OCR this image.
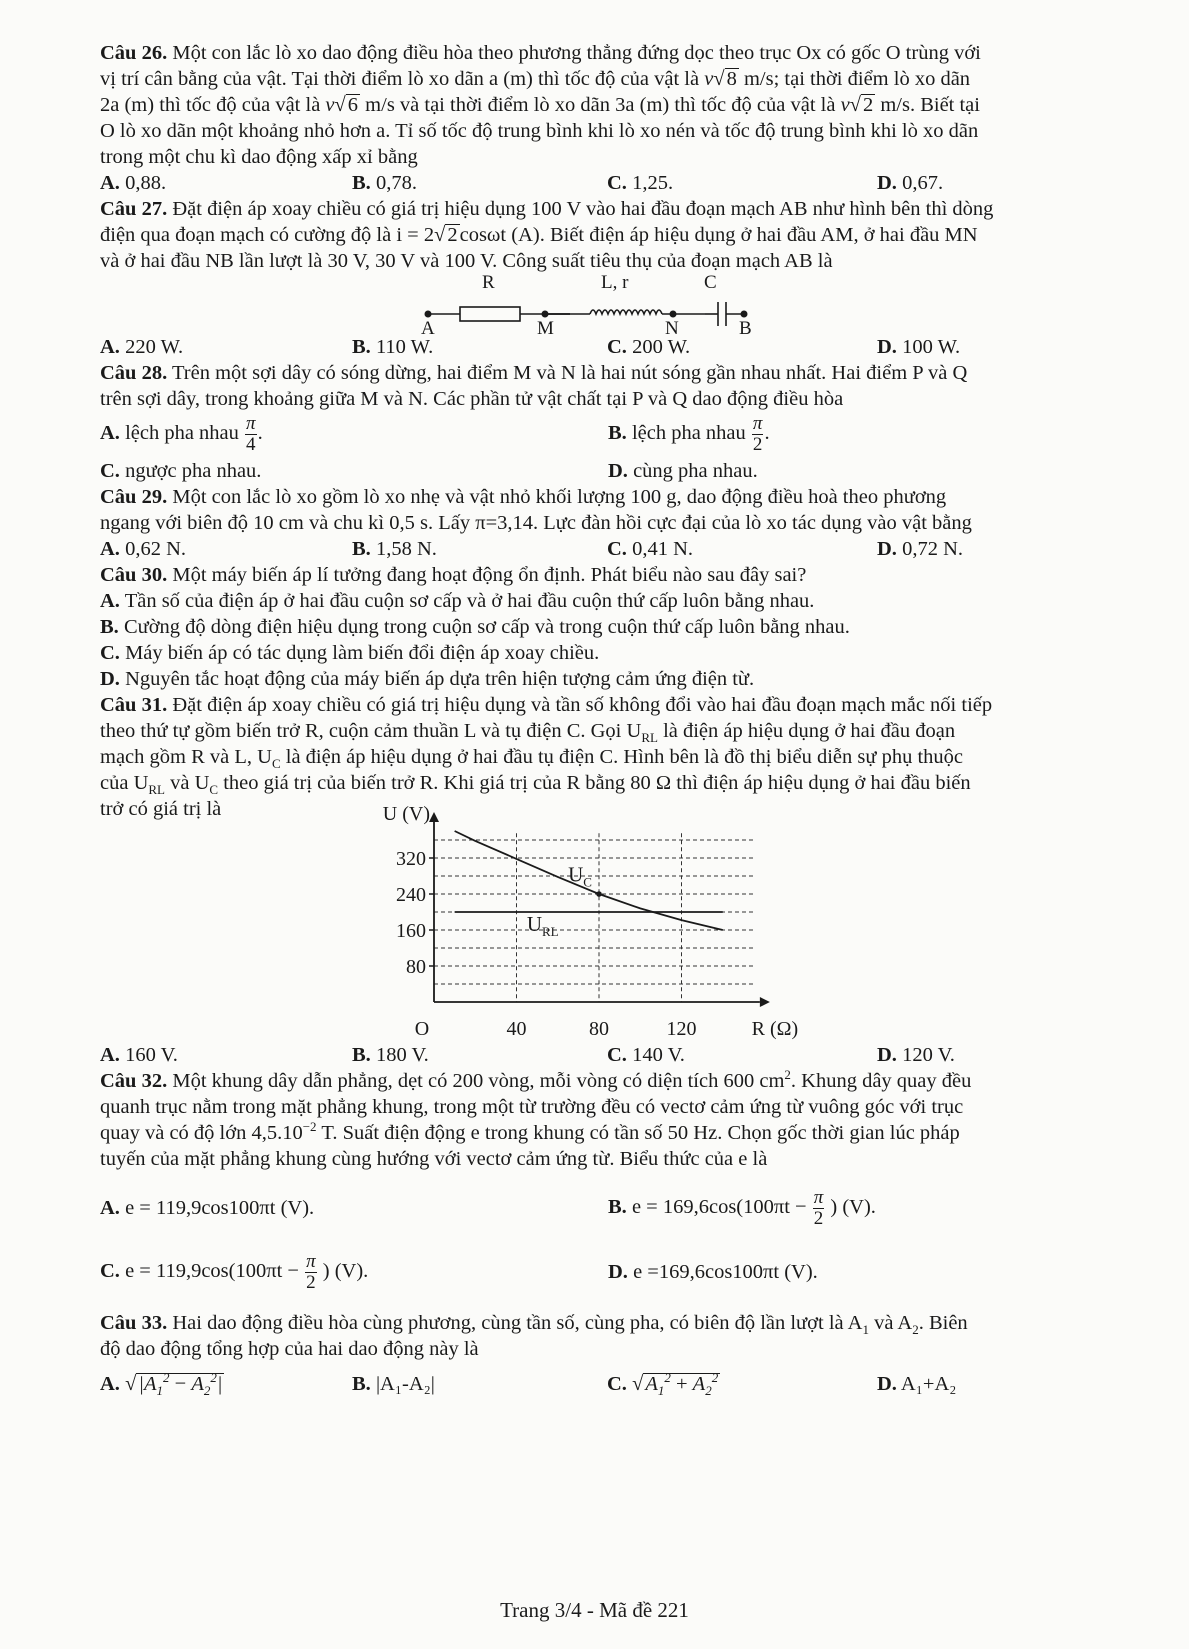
Câu 26. Một con lắc lò xo dao động điều hòa theo phương thẳng đứng dọc theo trục Ox có gốc O trùng với

vị trí cân bằng của vật. Tại thời điểm lò xo dãn a (m) thì tốc độ của vật là v√8 m/s; tại thời điểm lò xo dãn

2a (m) thì tốc độ của vật là v√6 m/s và tại thời điểm lò xo dãn 3a (m) thì tốc độ của vật là v√2 m/s. Biết tại

O lò xo dãn một khoảng nhỏ hơn a. Tỉ số tốc độ trung bình khi lò xo nén và tốc độ trung bình khi lò xo dãn

trong một chu kì dao động xấp xỉ bằng

A. 0,88.	B. 0,78.	C. 1,25.	D. 0,67.

Câu 27. Đặt điện áp xoay chiều có giá trị hiệu dụng 100 V vào hai đầu đoạn mạch AB như hình bên thì dòng

điện qua đoạn mạch có cường độ là i = 2√2cosωt (A). Biết điện áp hiệu dụng ở hai đầu AM, ở hai đầu MN

và ở hai đầu NB lần lượt là 30 V, 30 V và 100 V. Công suất tiêu thụ của đoạn mạch AB là

R	L, r	C
A	M	N	B
A. 220 W.	B. 110 W.	C. 200 W.	D. 100 W.

Câu 28. Trên một sợi dây có sóng dừng, hai điểm M và N là hai nút sóng gần nhau nhất. Hai điểm P và Q

trên sợi dây, trong khoảng giữa M và N. Các phần tử vật chất tại P và Q dao động điều hòa

A. lệch pha nhau $\frac{\pi}{4}$ .	B. lệch pha nhau $\frac{\pi}{2}$ .
C. ngược pha nhau.	D. cùng pha nhau.

Câu 29. Một con lắc lò xo gồm lò xo nhẹ và vật nhỏ khối lượng 100 g, dao động điều hoà theo phương

ngang với biên độ 10 cm và chu kì 0,5 s. Lấy π=3,14. Lực đàn hồi cực đại của lò xo tác dụng vào vật bằng

A. 0,62 N.	B. 1,58 N.	C. 0,41 N.	D. 0,72 N.

Câu 30. Một máy biến áp lí tưởng đang hoạt động ổn định. Phát biểu nào sau đây sai?

A. Tần số của điện áp ở hai đầu cuộn sơ cấp và ở hai đầu cuộn thứ cấp luôn bằng nhau.

B. Cường độ dòng điện hiệu dụng trong cuộn sơ cấp và trong cuộn thứ cấp luôn bằng nhau.

C. Máy biến áp có tác dụng làm biến đổi điện áp xoay chiều.

D. Nguyên tắc hoạt động của máy biến áp dựa trên hiện tượng cảm ứng điện từ.

Câu 31. Đặt điện áp xoay chiều có giá trị hiệu dụng và tần số không đổi vào hai đầu đoạn mạch mắc nối tiếp

theo thứ tự gồm biến trở R, cuộn cảm thuần L và tụ điện C. Gọi $U_{RL}$ là điện áp hiệu dụng ở hai đầu đoạn

mạch gồm R và L, $U_C$ là điện áp hiệu dụng ở hai đầu tụ điện C. Hình bên là đồ thị biểu diễn sự phụ thuộc

của $U_{RL}$ và $U_C$ theo giá trị của biến trở R. Khi giá trị của R bằng 80 Ω thì điện áp hiệu dụng ở hai đầu biến

trở có giá trị là

80
160
240
320
40	80	120
O	R (Ω)
U (V)
$U_C$
$U_{RL}$
A. 160 V.	B. 180 V.	C. 140 V.	D. 120 V.

Câu 32. Một khung dây dẫn phẳng, dẹt có 200 vòng, mỗi vòng có diện tích 600 $cm^2$. Khung dây quay đều

quanh trục nằm trong mặt phẳng khung, trong một từ trường đều có vectơ cảm ứng từ vuông góc với trục

quay và có độ lớn $4,5.10^{-2}$ T. Suất điện động e trong khung có tần số 50 Hz. Chọn gốc thời gian lúc pháp

tuyến của mặt phẳng khung cùng hướng với vectơ cảm ứng từ. Biểu thức của e là

A. e = 119,9cos100πt (V).	B. $e = 169,6\cos(100\pi t - \frac{\pi}{2}$ ) (V).
C. $e = 119,9\cos(100\pi t - \frac{\pi}{2}$ ) (V).	D. e =169,6cos100πt (V).

Câu 33. Hai dao động điều hòa cùng phương, cùng tần số, cùng pha, có biên độ lần lượt là $A_1$ và $A_2$. Biên

độ dao động tổng hợp của hai dao động này là

A. $√|A_1^2 - A_2^2|$	B. |A₁-A₂|	C. $√A_1^2 + A_2^2$	D. A₁+A₂
Trang 3/4 - Mã đề 221
